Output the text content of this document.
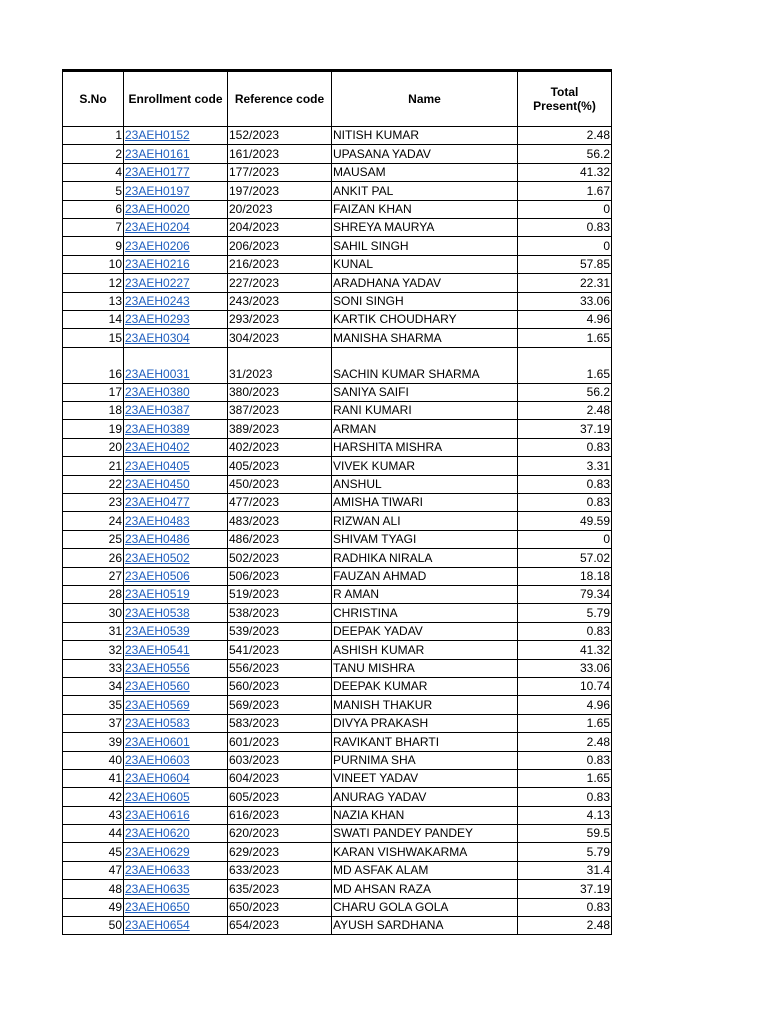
S.No	Enrollment code	Reference code	Name	Total Present(%)
1	23AEH0152	152/2023	NITISH KUMAR	2.48
2	23AEH0161	161/2023	UPASANA YADAV	56.2
4	23AEH0177	177/2023	MAUSAM	41.32
5	23AEH0197	197/2023	ANKIT PAL	1.67
6	23AEH0020	20/2023	FAIZAN KHAN	0
7	23AEH0204	204/2023	SHREYA MAURYA	0.83
9	23AEH0206	206/2023	SAHIL SINGH	0
10	23AEH0216	216/2023	KUNAL	57.85
12	23AEH0227	227/2023	ARADHANA YADAV	22.31
13	23AEH0243	243/2023	SONI SINGH	33.06
14	23AEH0293	293/2023	KARTIK CHOUDHARY	4.96
15	23AEH0304	304/2023	MANISHA SHARMA	1.65
16	23AEH0031	31/2023	SACHIN KUMAR SHARMA	1.65
17	23AEH0380	380/2023	SANIYA SAIFI	56.2
18	23AEH0387	387/2023	RANI KUMARI	2.48
19	23AEH0389	389/2023	ARMAN	37.19
20	23AEH0402	402/2023	HARSHITA MISHRA	0.83
21	23AEH0405	405/2023	VIVEK KUMAR	3.31
22	23AEH0450	450/2023	ANSHUL	0.83
23	23AEH0477	477/2023	AMISHA TIWARI	0.83
24	23AEH0483	483/2023	RIZWAN ALI	49.59
25	23AEH0486	486/2023	SHIVAM TYAGI	0
26	23AEH0502	502/2023	RADHIKA NIRALA	57.02
27	23AEH0506	506/2023	FAUZAN AHMAD	18.18
28	23AEH0519	519/2023	R AMAN	79.34
30	23AEH0538	538/2023	CHRISTINA	5.79
31	23AEH0539	539/2023	DEEPAK YADAV	0.83
32	23AEH0541	541/2023	ASHISH KUMAR	41.32
33	23AEH0556	556/2023	TANU MISHRA	33.06
34	23AEH0560	560/2023	DEEPAK KUMAR	10.74
35	23AEH0569	569/2023	MANISH THAKUR	4.96
37	23AEH0583	583/2023	DIVYA PRAKASH	1.65
39	23AEH0601	601/2023	RAVIKANT BHARTI	2.48
40	23AEH0603	603/2023	PURNIMA SHA	0.83
41	23AEH0604	604/2023	VINEET YADAV	1.65
42	23AEH0605	605/2023	ANURAG YADAV	0.83
43	23AEH0616	616/2023	NAZIA KHAN	4.13
44	23AEH0620	620/2023	SWATI PANDEY PANDEY	59.5
45	23AEH0629	629/2023	KARAN VISHWAKARMA	5.79
47	23AEH0633	633/2023	MD ASFAK ALAM	31.4
48	23AEH0635	635/2023	MD AHSAN RAZA	37.19
49	23AEH0650	650/2023	CHARU GOLA GOLA	0.83
50	23AEH0654	654/2023	AYUSH SARDHANA	2.48
